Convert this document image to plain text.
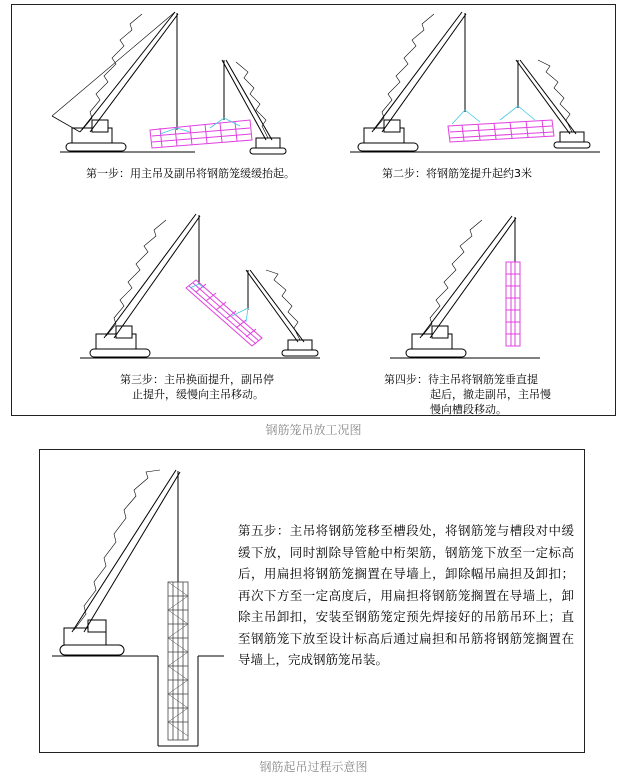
第一步：用主吊及副吊将钢筋笼缓缓抬起。	第二步：将钢筋笼提升起约3米
第三步：主吊换面提升，副吊停
止提升，缓慢向主吊移动。
第四步：待主吊将钢筋笼垂直提
起后，撤走副吊，主吊慢
慢向槽段移动。
钢筋笼吊放工况图
第五步：主吊将钢筋笼移至槽段处，将钢筋笼与槽段对中缓缓下放，同时割除导管舱中桁架筋，钢筋笼下放至一定标高后，用扁担将钢筋笼搁置在导墙上，卸除幅吊扁担及卸扣；再次下方至一定高度后，用扁担将钢筋笼搁置在导墙上，卸除主吊卸扣，安装至钢筋笼定预先焊接好的吊筋吊环上；直至钢筋笼下放至设计标高后通过扁担和吊筋将钢筋笼搁置在导墙上，完成钢筋笼吊装。
钢筋起吊过程示意图
